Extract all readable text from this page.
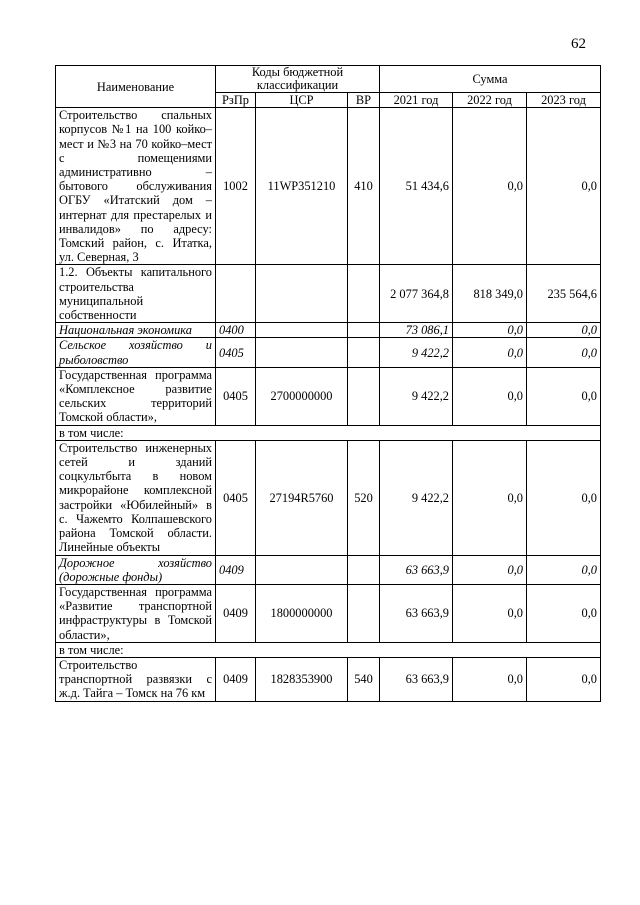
62
Наименование	Коды бюджетной классификации			Сумма		
	РзПр	ЦСР	ВР	2021 год	2022 год	2023 год
Строительство спальных корпусов №1 на 100 койко–мест и №3 на 70 койко–мест с помещениями административно – бытового обслуживания ОГБУ «Итатский дом – интернат для престарелых и инвалидов» по адресу: Томский район, с. Итатка, ул. Северная, 3	1002	11WP351210	410	51 434,6	0,0	0,0
1.2. Объекты капитального строительства муниципальной собственности				2 077 364,8	818 349,0	235 564,6
Национальная экономика	0400			73 086,1	0,0	0,0
Сельское хозяйство и рыболовство	0405			9 422,2	0,0	0,0
Государственная программа «Комплексное развитие сельских территорий Томской области»,	0405	2700000000		9 422,2	0,0	0,0
в том числе:						
Строительство инженерных сетей и зданий соцкультбыта в новом микрорайоне комплексной застройки «Юбилейный» в с. Чажемто Колпашевского района Томской области. Линейные объекты	0405	27194R5760	520	9 422,2	0,0	0,0
Дорожное хозяйство (дорожные фонды)	0409			63 663,9	0,0	0,0
Государственная программа «Развитие транспортной инфраструктуры в Томской области»,	0409	1800000000		63 663,9	0,0	0,0
в том числе:						
Строительство транспортной развязки с ж.д. Тайга – Томск на 76 км	0409	1828353900	540	63 663,9	0,0	0,0
